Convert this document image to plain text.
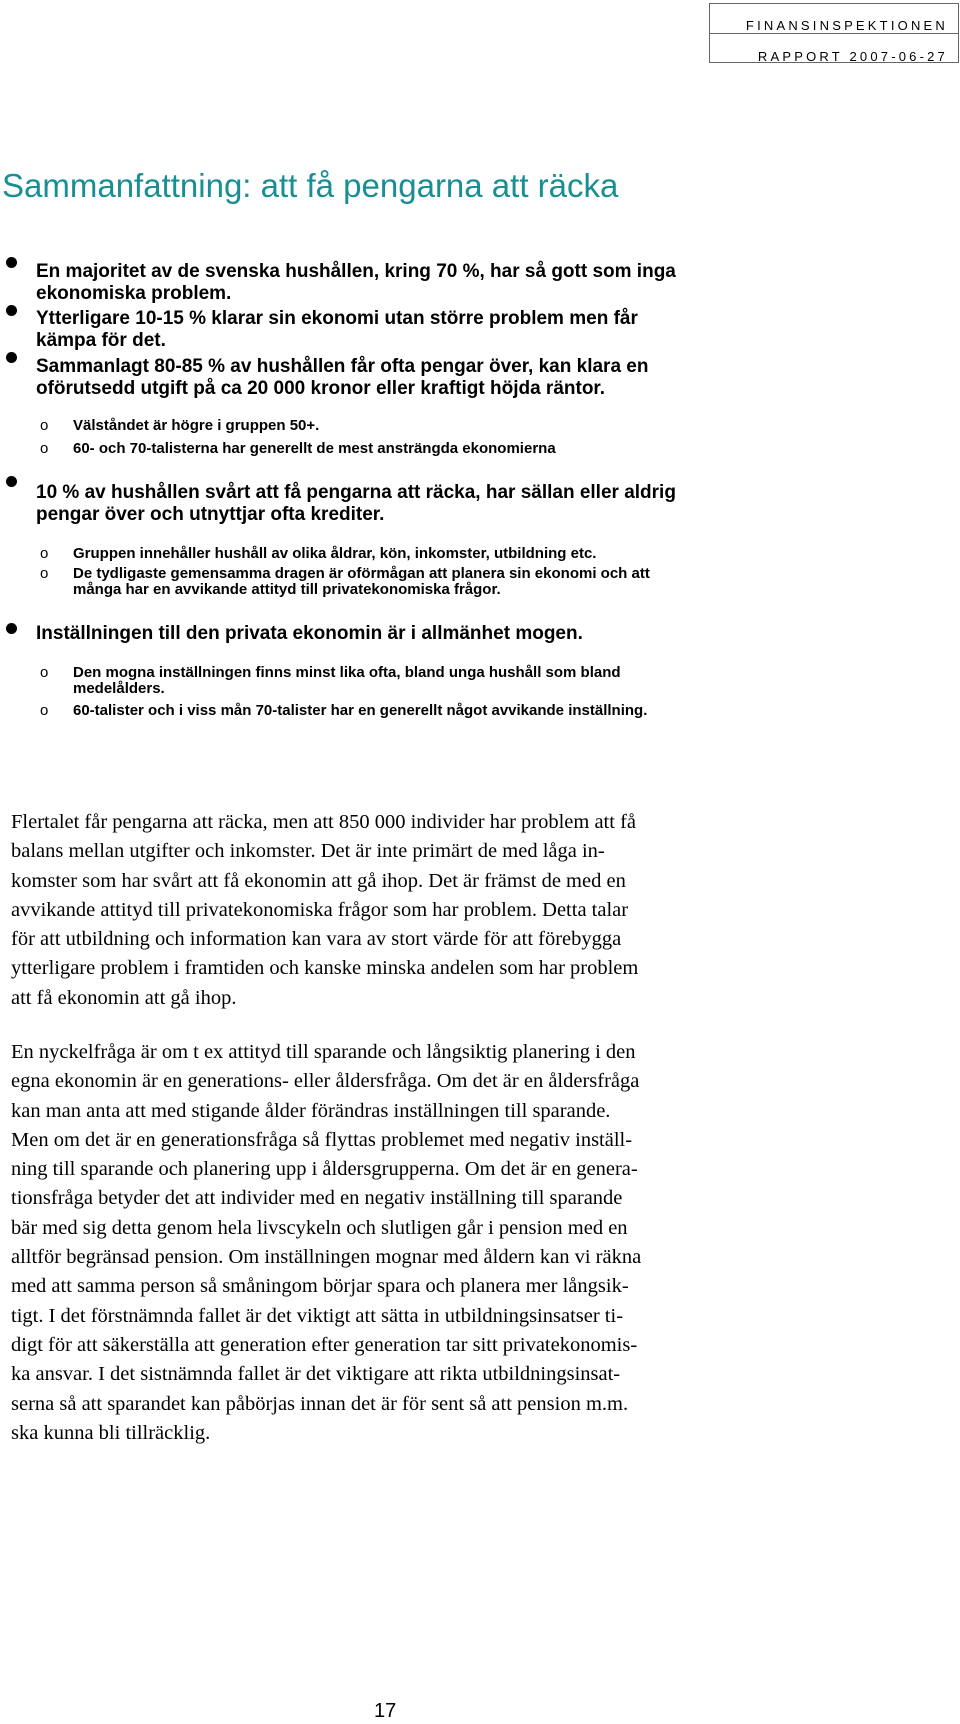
FINANSINSPEKTIONEN
RAPPORT 2007-06-27
Sammanfattning: att få pengarna att räcka
En majoritet av de svenska hushållen, kring 70 %, har så gott som inga
ekonomiska problem.
Ytterligare 10-15 % klarar sin ekonomi utan större problem men får
kämpa för det.
Sammanlagt 80-85 % av hushållen får ofta pengar över, kan klara en
oförutsedd utgift på ca 20 000 kronor eller kraftigt höjda räntor.
o Välståndet är högre i gruppen 50+.
o 60- och 70-talisterna har generellt de mest ansträngda ekonomierna
10 % av hushållen svårt att få pengarna att räcka, har sällan eller aldrig
pengar över och utnyttjar ofta krediter.
o Gruppen innehåller hushåll av olika åldrar, kön, inkomster, utbildning etc.
o De tydligaste gemensamma dragen är oförmågan att planera sin ekonomi och att
många har en avvikande attityd till privatekonomiska frågor.
Inställningen till den privata ekonomin är i allmänhet mogen.
o Den mogna inställningen finns minst lika ofta, bland unga hushåll som bland
medelålders.
o 60-talister och i viss mån 70-talister har en generellt något avvikande inställning.
Flertalet får pengarna att räcka, men att 850 000 individer har problem att få
balans mellan utgifter och inkomster. Det är inte primärt de med låga in-
komster som har svårt att få ekonomin att gå ihop. Det är främst de med en
avvikande attityd till privatekonomiska frågor som har problem. Detta talar
för att utbildning och information kan vara av stort värde för att förebygga
ytterligare problem i framtiden och kanske minska andelen som har problem
att få ekonomin att gå ihop.
En nyckelfråga är om t ex attityd till sparande och långsiktig planering i den
egna ekonomin är en generations- eller åldersfråga. Om det är en åldersfråga
kan man anta att med stigande ålder förändras inställningen till sparande.
Men om det är en generationsfråga så flyttas problemet med negativ inställ-
ning till sparande och planering upp i åldersgrupperna. Om det är en genera-
tionsfråga betyder det att individer med en negativ inställning till sparande
bär med sig detta genom hela livscykeln och slutligen går i pension med en
alltför begränsad pension. Om inställningen mognar med åldern kan vi räkna
med att samma person så småningom börjar spara och planera mer långsik-
tigt. I det förstnämnda fallet är det viktigt att sätta in utbildningsinsatser ti-
digt för att säkerställa att generation efter generation tar sitt privatekonomis-
ka ansvar. I det sistnämnda fallet är det viktigare att rikta utbildningsinsat-
serna så att sparandet kan påbörjas innan det är för sent så att pension m.m.
ska kunna bli tillräcklig.
17
